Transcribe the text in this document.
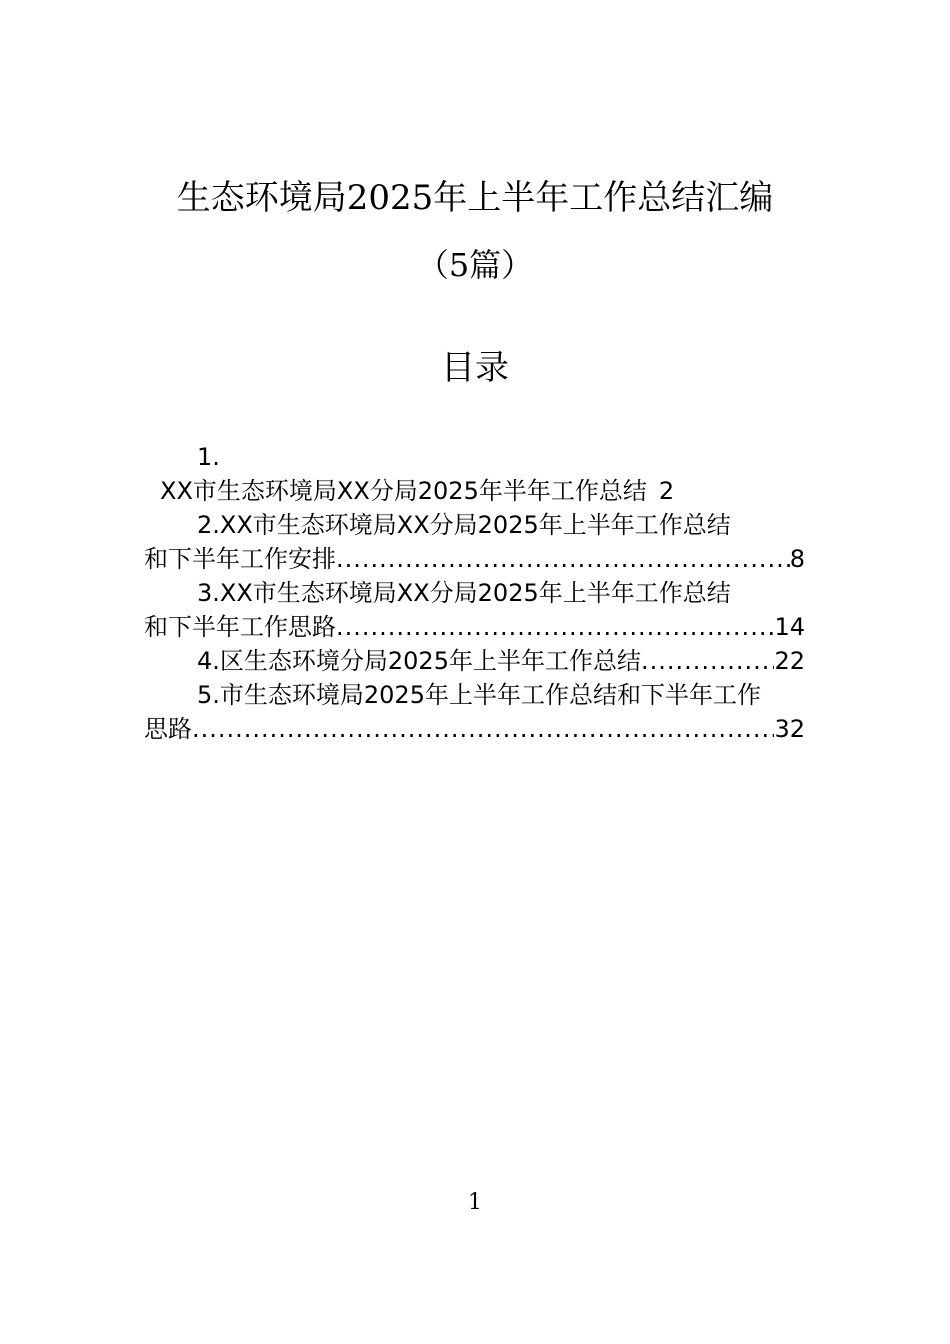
生态环境局2025年上半年工作总结汇编
（5篇）
目录
1.
XX市生态环境局XX分局2025年半年工作总结 2
2.XX市生态环境局XX分局2025年上半年工作总结
和下半年工作安排 .....	8
3.XX市生态环境局XX分局2025年上半年工作总结
和下半年工作思路 .....	14
4.区生态环境分局2025年上半年工作总结 .....	22
5.市生态环境局2025年上半年工作总结和下半年工作
思路 .....	32
1
